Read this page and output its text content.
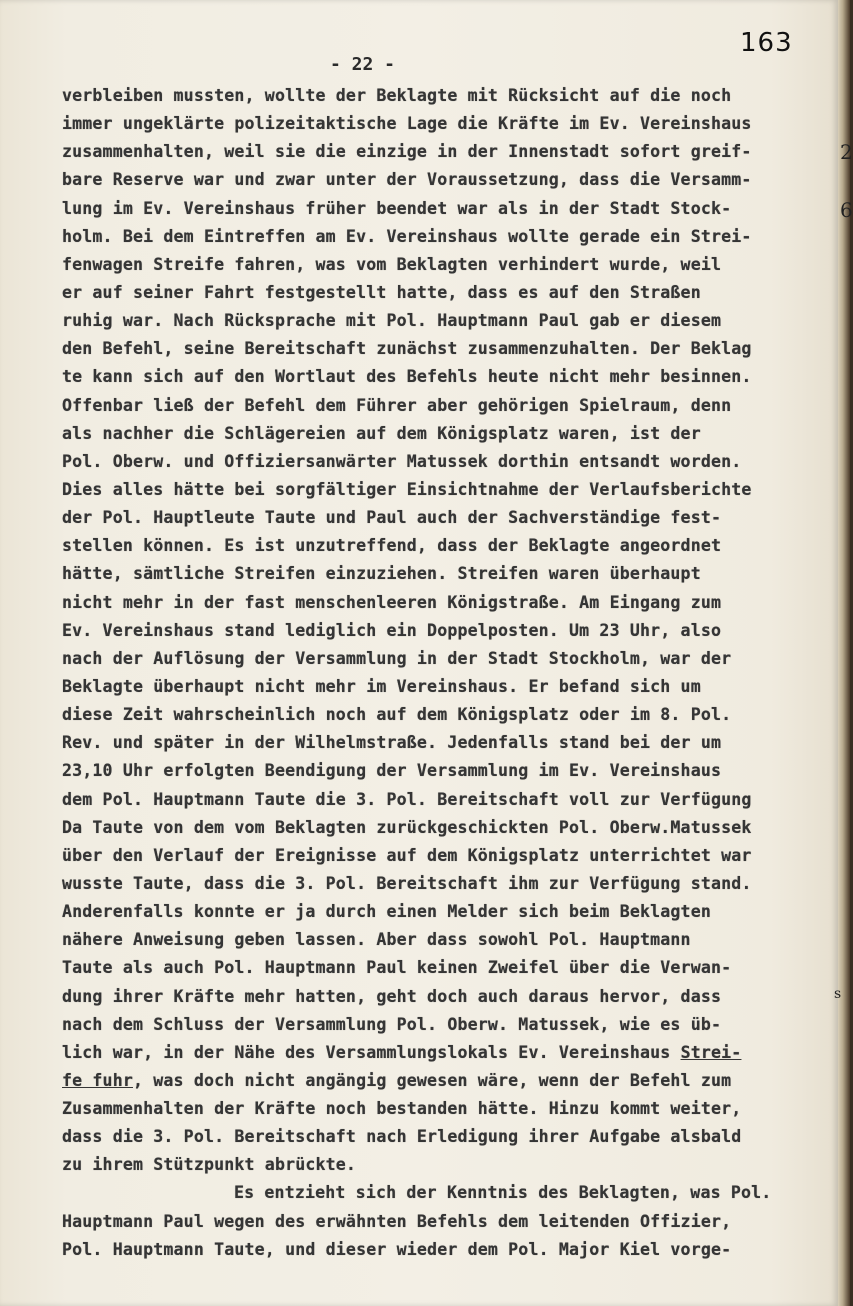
163
- 22 -
verbleiben mussten, wollte der Beklagte mit Rücksicht auf die noch
immer ungeklärte polizeitaktische Lage die Kräfte im Ev. Vereinshaus
zusammenhalten, weil sie die einzige in der Innenstadt sofort greif-
bare Reserve war und zwar unter der Voraussetzung, dass die Versamm-
lung im Ev. Vereinshaus früher beendet war als in der Stadt Stock-
holm. Bei dem Eintreffen am Ev. Vereinshaus wollte gerade ein Strei-
fenwagen Streife fahren, was vom Beklagten verhindert wurde, weil
er auf seiner Fahrt festgestellt hatte, dass es auf den Straßen
ruhig war. Nach Rücksprache mit Pol. Hauptmann Paul gab er diesem
den Befehl, seine Bereitschaft zunächst zusammenzuhalten. Der Beklag
te kann sich auf den Wortlaut des Befehls heute nicht mehr besinnen.
Offenbar ließ der Befehl dem Führer aber gehörigen Spielraum, denn
als nachher die Schlägereien auf dem Königsplatz waren, ist der
Pol. Oberw. und Offiziersanwärter Matussek dorthin entsandt worden.
Dies alles hätte bei sorgfältiger Einsichtnahme der Verlaufsberichte
der Pol. Hauptleute Taute und Paul auch der Sachverständige fest-
stellen können. Es ist unzutreffend, dass der Beklagte angeordnet
hätte, sämtliche Streifen einzuziehen. Streifen waren überhaupt
nicht mehr in der fast menschenleeren Königstraße. Am Eingang zum
Ev. Vereinshaus stand lediglich ein Doppelposten. Um 23 Uhr, also
nach der Auflösung der Versammlung in der Stadt Stockholm, war der
Beklagte überhaupt nicht mehr im Vereinshaus. Er befand sich um
diese Zeit wahrscheinlich noch auf dem Königsplatz oder im 8. Pol.
Rev. und später in der Wilhelmstraße. Jedenfalls stand bei der um
23,10 Uhr erfolgten Beendigung der Versammlung im Ev. Vereinshaus
dem Pol. Hauptmann Taute die 3. Pol. Bereitschaft voll zur Verfügung
Da Taute von dem vom Beklagten zurückgeschickten Pol. Oberw.Matussek
über den Verlauf der Ereignisse auf dem Königsplatz unterrichtet war
wusste Taute, dass die 3. Pol. Bereitschaft ihm zur Verfügung stand.
Anderenfalls konnte er ja durch einen Melder sich beim Beklagten
nähere Anweisung geben lassen. Aber dass sowohl Pol. Hauptmann
Taute als auch Pol. Hauptmann Paul keinen Zweifel über die Verwan-
dung ihrer Kräfte mehr hatten, geht doch auch daraus hervor, dass
nach dem Schluss der Versammlung Pol. Oberw. Matussek, wie es üb-
lich war, in der Nähe des Versammlungslokals Ev. Vereinshaus Strei-
fe fuhr, was doch nicht angängig gewesen wäre, wenn der Befehl zum
Zusammenhalten der Kräfte noch bestanden hätte. Hinzu kommt weiter,
dass die 3. Pol. Bereitschaft nach Erledigung ihrer Aufgabe alsbald
zu ihrem Stützpunkt abrückte.
Es entzieht sich der Kenntnis des Beklagten, was Pol.
Hauptmann Paul wegen des erwähnten Befehls dem leitenden Offizier,
Pol. Hauptmann Taute, und dieser wieder dem Pol. Major Kiel vorge-
2
6
s
